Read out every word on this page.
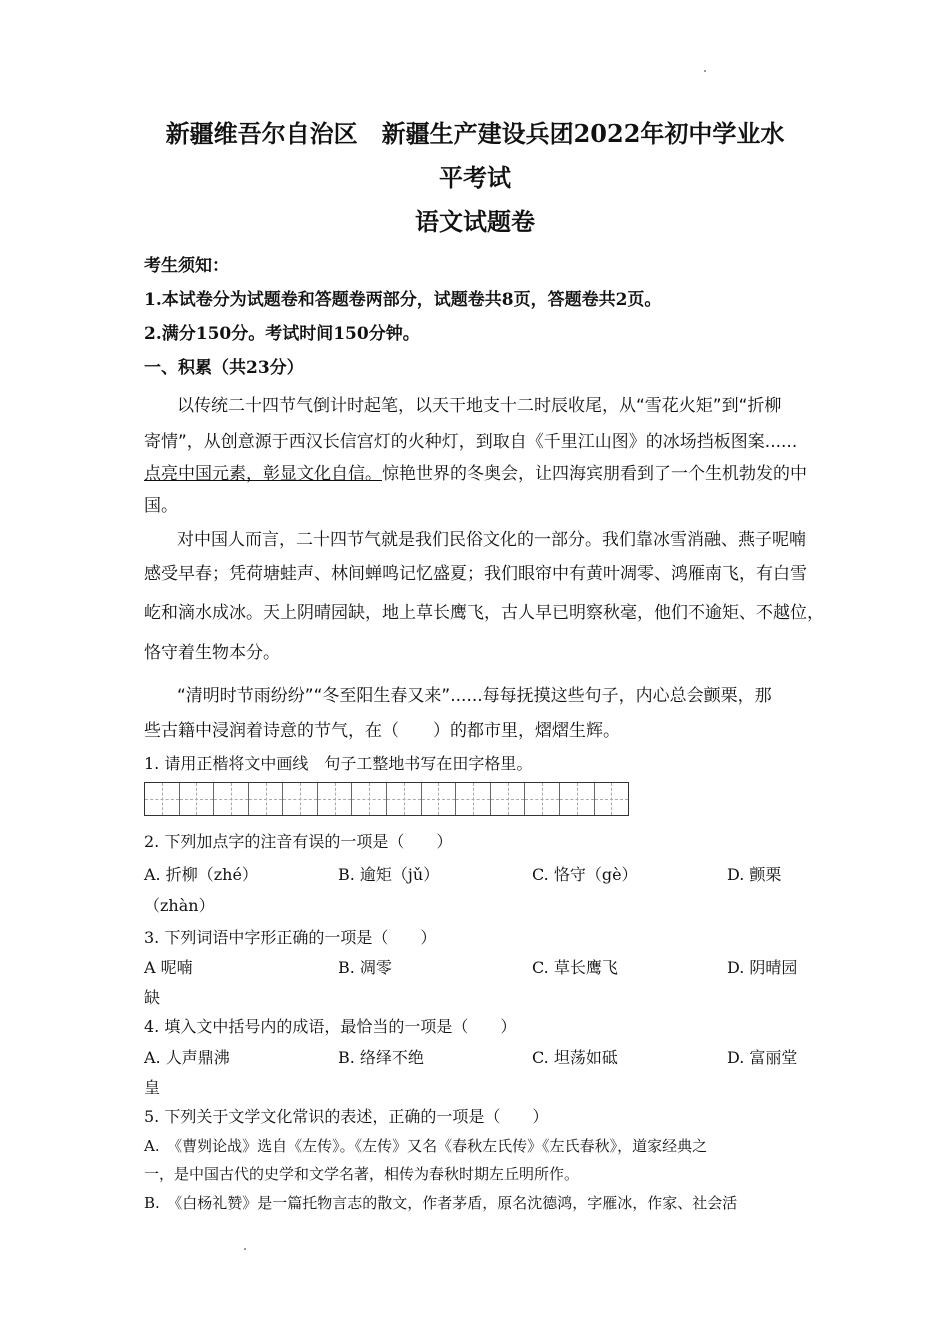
新疆维吾尔自治区　新疆生产建设兵团2022年初中学业水
平考试
语文试题卷
考生须知：
1.本试卷分为试题卷和答题卷两部分，试题卷共8页，答题卷共2页。
2.满分150分。考试时间150分钟。
一、积累（共23分）
以传统二十四节气倒计时起笔，以天干地支十二时辰收尾，从“雪花火矩”到“折柳
寄情”，从创意源于西汉长信宫灯的火种灯，到取自《千里江山图》的冰场挡板图案......
点亮中国元素，彰显文化自信。惊艳世界的冬奥会，让四海宾朋看到了一个生机勃发的中
国。
对中国人而言，二十四节气就是我们民俗文化的一部分。我们靠冰雪消融、燕子呢喃
感受早春；凭荷塘蛙声、林间蝉鸣记忆盛夏；我们眼帘中有黄叶凋零、鸿雁南飞，有白雪
屹和滴水成冰。天上阴晴园缺，地上草长鹰飞，古人早已明察秋毫，他们不逾矩、不越位，
恪守着生物本分。
“清明时节雨纷纷”“冬至阳生春又来”......每每抚摸这些句子，内心总会颤栗，那
些古籍中浸润着诗意的节气，在（　　）的都市里，熠熠生辉。
1. 请用正楷将文中画线　句子工整地书写在田字格里。
2. 下列加点字的注音有误的一项是（　　）
A. 折柳（zhé）	B. 逾矩（jǔ）	C. 恪守（gè）	D. 颤栗
（zhàn）
3. 下列词语中字形正确的一项是（　　）
A 呢喃	B. 凋零	C. 草长鹰飞	D. 阴晴园
缺
4. 填入文中括号内的成语，最恰当的一项是（　　）
A. 人声鼎沸	B. 络绎不绝	C. 坦荡如砥	D. 富丽堂
皇
5. 下列关于文学文化常识的表述，正确的一项是（　　）
A.　《曹刿论战》选自《左传》。《左传》又名《春秋左氏传》《左氏春秋》，道家经典之
一，是中国古代的史学和文学名著，相传为春秋时期左丘明所作。
B.　《白杨礼赞》是一篇托物言志的散文，作者茅盾，原名沈德鸿，字雁冰，作家、社会活
